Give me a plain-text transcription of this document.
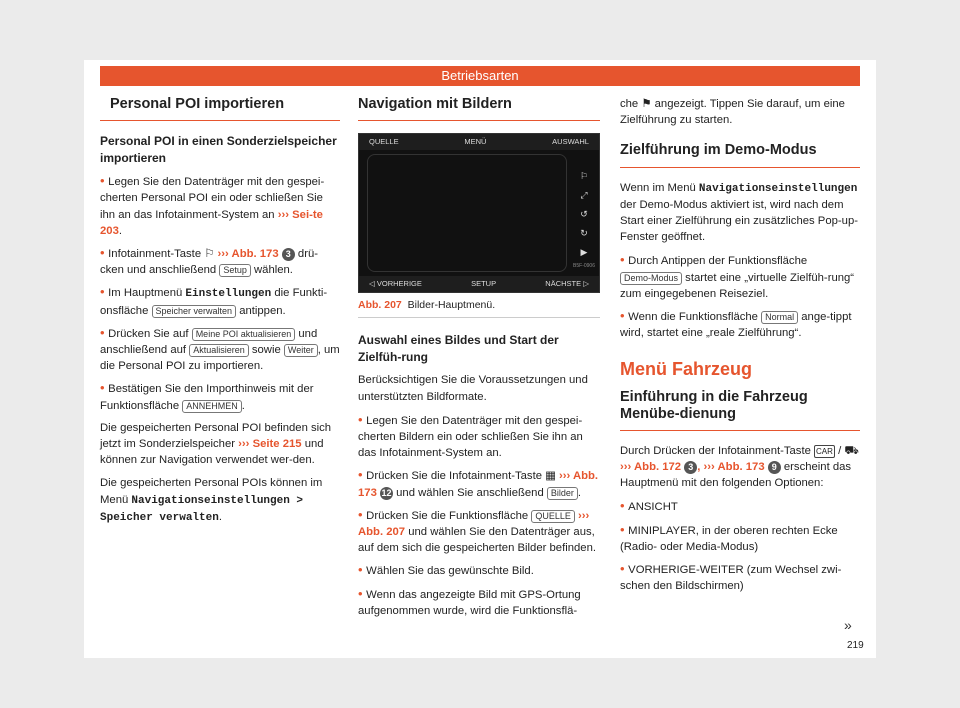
Betriebsarten
Personal POI importieren
Personal POI in einen Sonderzielspeicher importieren
• Legen Sie den Datenträger mit den gespei-cherten Personal POI ein oder schließen Sie ihn an das Infotainment-System an ››› Sei-te 203.
• Infotainment-Taste ⚐ ››› Abb. 173 3 drü-cken und anschließend Setup wählen.
• Im Hauptmenü Einstellungen die Funkti-onsfläche Speicher verwalten antippen.
• Drücken Sie auf Meine POI aktualisieren und anschließend auf Aktualisieren sowie Weiter , um die Personal POI zu importieren.
• Bestätigen Sie den Importhinweis mit der Funktionsfläche ANNEHMEN .

Die gespeicherten Personal POI befinden sich jetzt im Sonderzielspeicher ››› Seite 215 und können zur Navigation verwendet wer-den.

Die gespeicherten Personal POIs können im Menü Navigationseinstellungen > Speicher verwalten.

Navigation mit Bildern
QUELLE	MENÜ	AUSWAHL
⚐
⤢
↺
↻
▶
B5F-0906
◁ VORHERIGE	SETUP	NÄCHSTE ▷
Abb. 207 Bilder-Hauptmenü.
Auswahl eines Bildes und Start der Zielfüh-rung

Berücksichtigen Sie die Voraussetzungen und unterstützten Bildformate.

• Legen Sie den Datenträger mit den gespei-cherten Bildern ein oder schließen Sie ihn an das Infotainment-System an.
• Drücken Sie die Infotainment-Taste ▦ ››› Abb. 173 12 und wählen Sie anschließend Bilder .
• Drücken Sie die Funktionsfläche QUELLE ››› Abb. 207 und wählen Sie den Datenträger aus, auf dem sich die gespeicherten Bilder befinden.
• Wählen Sie das gewünschte Bild.
• Wenn das angezeigte Bild mit GPS-Ortung aufgenommen wurde, wird die Funktionsflä-

che ⚑ angezeigt. Tippen Sie darauf, um eine Zielführung zu starten.

Zielführung im Demo-Modus

Wenn im Menü Navigationseinstellungen der Demo-Modus aktiviert ist, wird nach dem Start einer Zielführung ein zusätzliches Pop-up-Fenster geöffnet.

• Durch Antippen der Funktionsfläche Demo-Modus startet eine „virtuelle Zielfüh-rung“ zum eingegebenen Reiseziel.
• Wenn die Funktionsfläche Normal ange-tippt wird, startet eine „reale Zielführung“.
Menü Fahrzeug
Einführung in die Fahrzeug Menübe-dienung

Durch Drücken der Infotainment-Taste CAR / ⛟ ››› Abb. 172 3 , ››› Abb. 173 9 erscheint das Hauptmenü mit den folgenden Optionen:

• ANSICHT
• MINIPLAYER, in der oberen rechten Ecke (Radio- oder Media-Modus)
• VORHERIGE-WEITER (zum Wechsel zwi-schen den Bildschirmen)
»
219
